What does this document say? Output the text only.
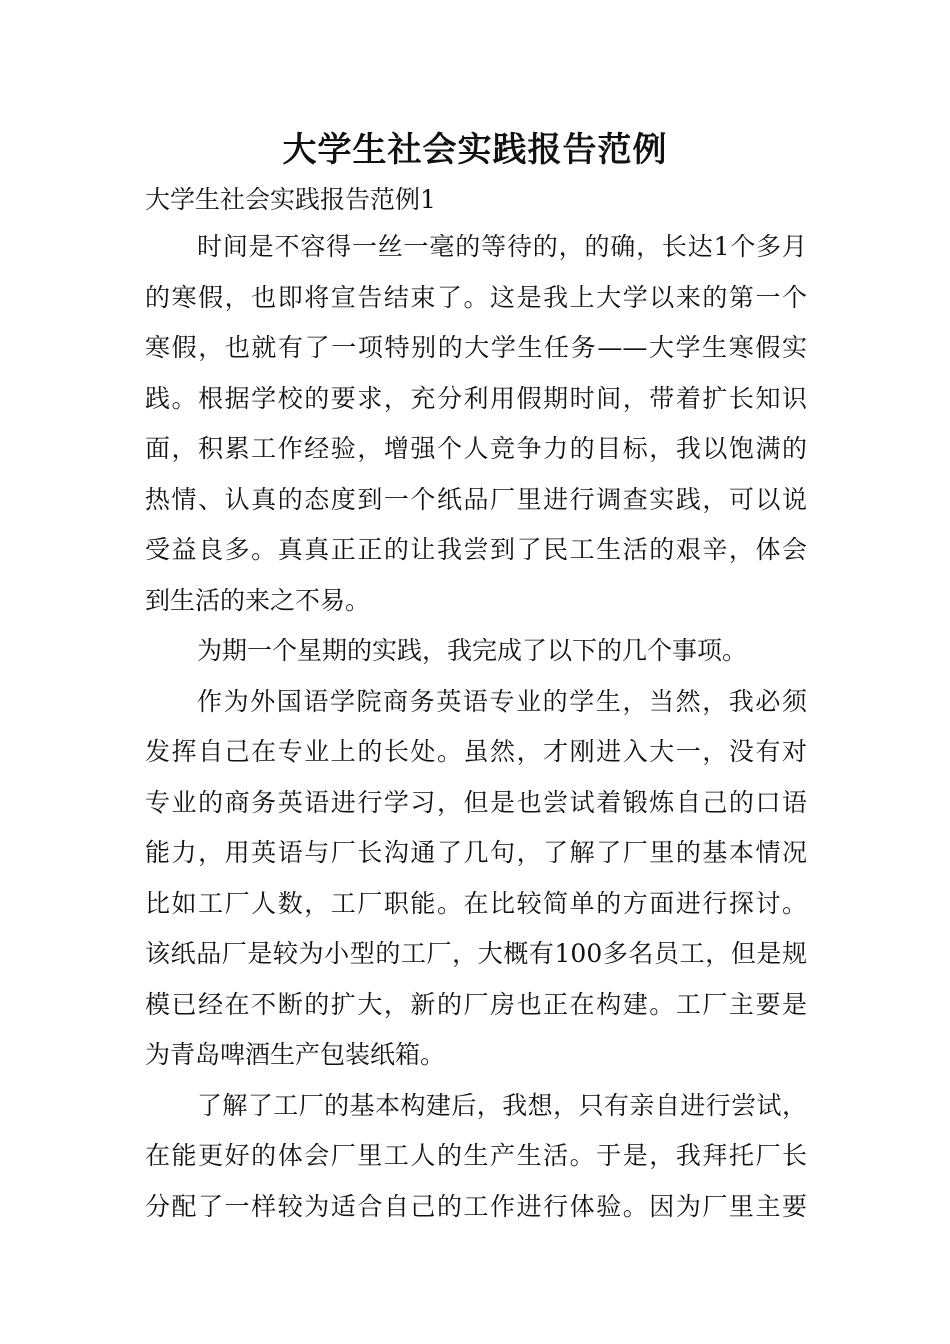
大学生社会实践报告范例
大学生社会实践报告范例1
时间是不容得一丝一毫的等待的，的确，长达1个多月
的寒假，也即将宣告结束了。这是我上大学以来的第一个
寒假，也就有了一项特别的大学生任务——大学生寒假实
践。根据学校的要求，充分利用假期时间，带着扩长知识
面，积累工作经验，增强个人竞争力的目标，我以饱满的
热情、认真的态度到一个纸品厂里进行调查实践，可以说
受益良多。真真正正的让我尝到了民工生活的艰辛，体会
到生活的来之不易。
为期一个星期的实践，我完成了以下的几个事项。
作为外国语学院商务英语专业的学生，当然，我必须
发挥自己在专业上的长处。虽然，才刚进入大一，没有对
专业的商务英语进行学习，但是也尝试着锻炼自己的口语
能力，用英语与厂长沟通了几句，了解了厂里的基本情况
比如工厂人数，工厂职能。在比较简单的方面进行探讨。
该纸品厂是较为小型的工厂，大概有100多名员工，但是规
模已经在不断的扩大，新的厂房也正在构建。工厂主要是
为青岛啤酒生产包装纸箱。
了解了工厂的基本构建后，我想，只有亲自进行尝试，
在能更好的体会厂里工人的生产生活。于是，我拜托厂长
分配了一样较为适合自己的工作进行体验。因为厂里主要
